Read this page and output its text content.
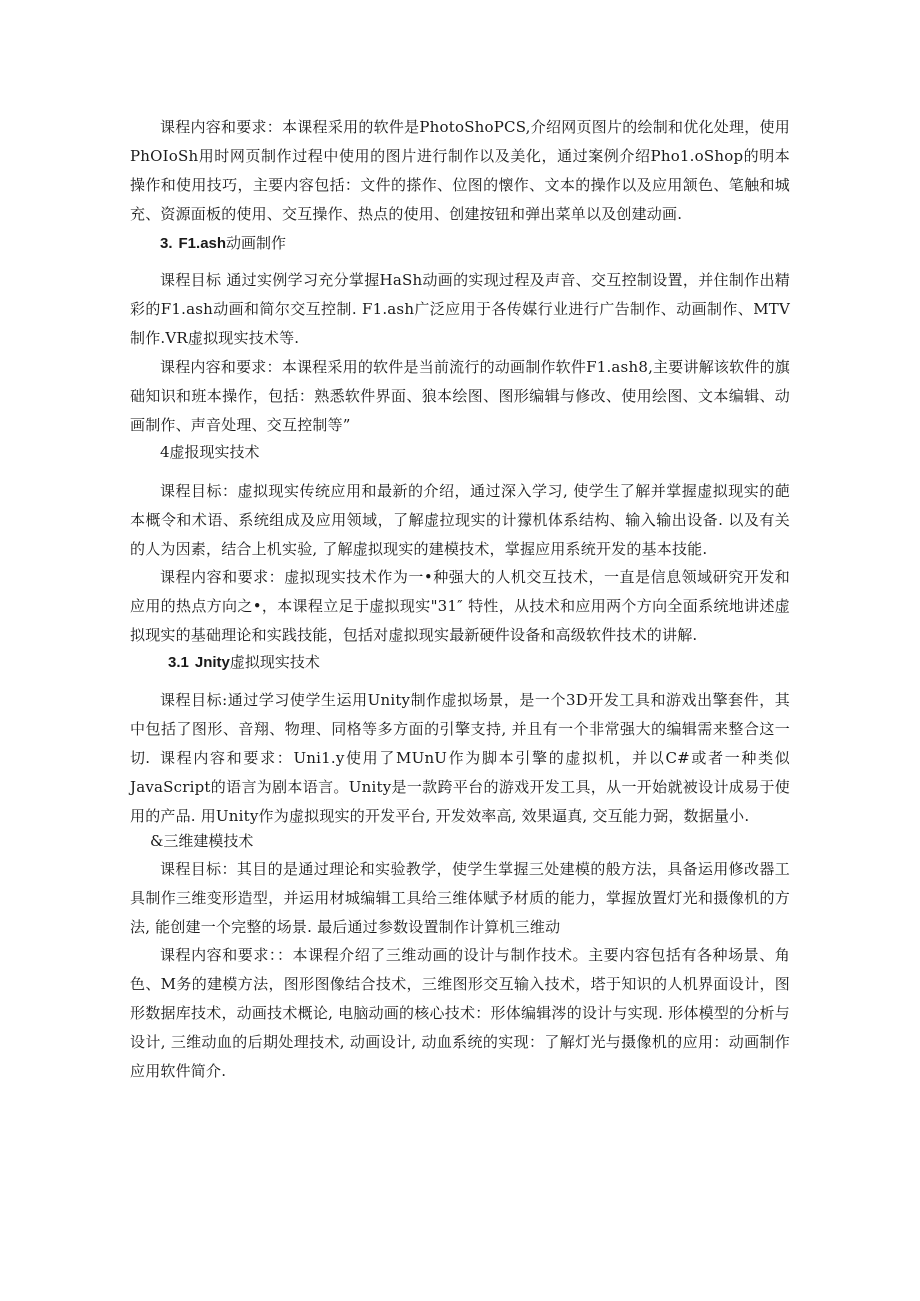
课程内容和要求：本课程采用的软件是PhotoShoPCS,介绍网页图片的绘制和优化处理，使用PhOIoSh用时网页制作过程中使用的图片进行制作以及美化，通过案例介绍Pho1.oShop的明本操作和使用技巧，主要内容包括：文件的搽作、位图的懐作、文本的操作以及应用颔色、笔触和城充、资源面板的使用、交互操作、热点的使用、创建按钮和弹出菜单以及创建动画.

3. F1.ash动画制作

课程目标 通过实例学习充分掌握HaSh动画的实现过程及声音、交互控制设置，并住制作出精彩的F1.ash动画和简尔交互控制. F1.ash广泛应用于各传媒行业进行广告制作、动画制作、MTV制作.VR虚拟现实技术等.

课程内容和要求：本课程采用的软件是当前流行的动画制作软件F1.ash8,主要讲解该软件的旗础知识和班本操作，包括：熟悉软件界面、狼本绘图、图形编辑与修改、使用绘图、文本编辑、动画制作、声音处理、交互控制等”

4虚报现实技术

课程目标：虚拟现实传统应用和最新的介绍，通过深入学习, 使学生了解并掌握虚拟现实的葩本概令和术语、系统组成及应用领域，了解虚拉现实的计獴机体系结构、输入输出设备. 以及有关的人为因素，结合上机实验, 了解虚拟现实的建模技术，掌握应用系统开发的基本技能.

课程内容和要求：虚拟现实技术作为一•种强大的人机交互技术，一直是信息领域研究开发和应用的热点方向之•，本课程立足于虚拟现实"31″ 特性，从技术和应用两个方向全面系统地讲述虚拟现实的基础理论和实践技能，包括对虚拟现实最新硬件设备和高级软件技术的讲解.

3.1 Jnity虚拟现实技术

课程目标:通过学习使学生运用Unity制作虚拟场景，是一个3D开发工具和游戏出擎套件，其中包括了图形、音翔、物理、同格等多方面的引擎支持, 并且有一个非常强大的编辑需来整合这一切. 课程内容和要求：Uni1.y使用了MUnU作为脚本引擎的虚拟机，并以C#或者一种类似JavaScript的语言为剧本语言。Unity是一款跨平台的游戏开发工具，从一开始就被设计成易于使用的产品. 用Unity作为虚拟现实的开发平台, 开发效率高, 效果逼真, 交互能力弼，数据量小.

&三维建模技术

课程目标：其目的是通过理论和实验教学，使学生掌握三处建模的般方法，具备运用修改器工具制作三维变形造型，并运用材城编辑工具给三维体赋予材质的能力，掌握放置灯光和摄像机的方法, 能创建一个完整的场景. 最后通过参数设置制作计算机三维动

课程内容和要求：：本课程介绍了三维动画的设计与制作技术。主要内容包括有各种场景、角色、M务的建模方法，图形图像结合技术，三维图形交互输入技术，塔于知识的人机界面设计，图形数据库技术，动画技术概论, 电脑动画的核心技术：形体编辑涔的设计与实现. 形体模型的分析与设计, 三维动血的后期处理技术, 动画设计, 动血系统的实现：了解灯光与摄像机的应用：动画制作应用软件简介.
